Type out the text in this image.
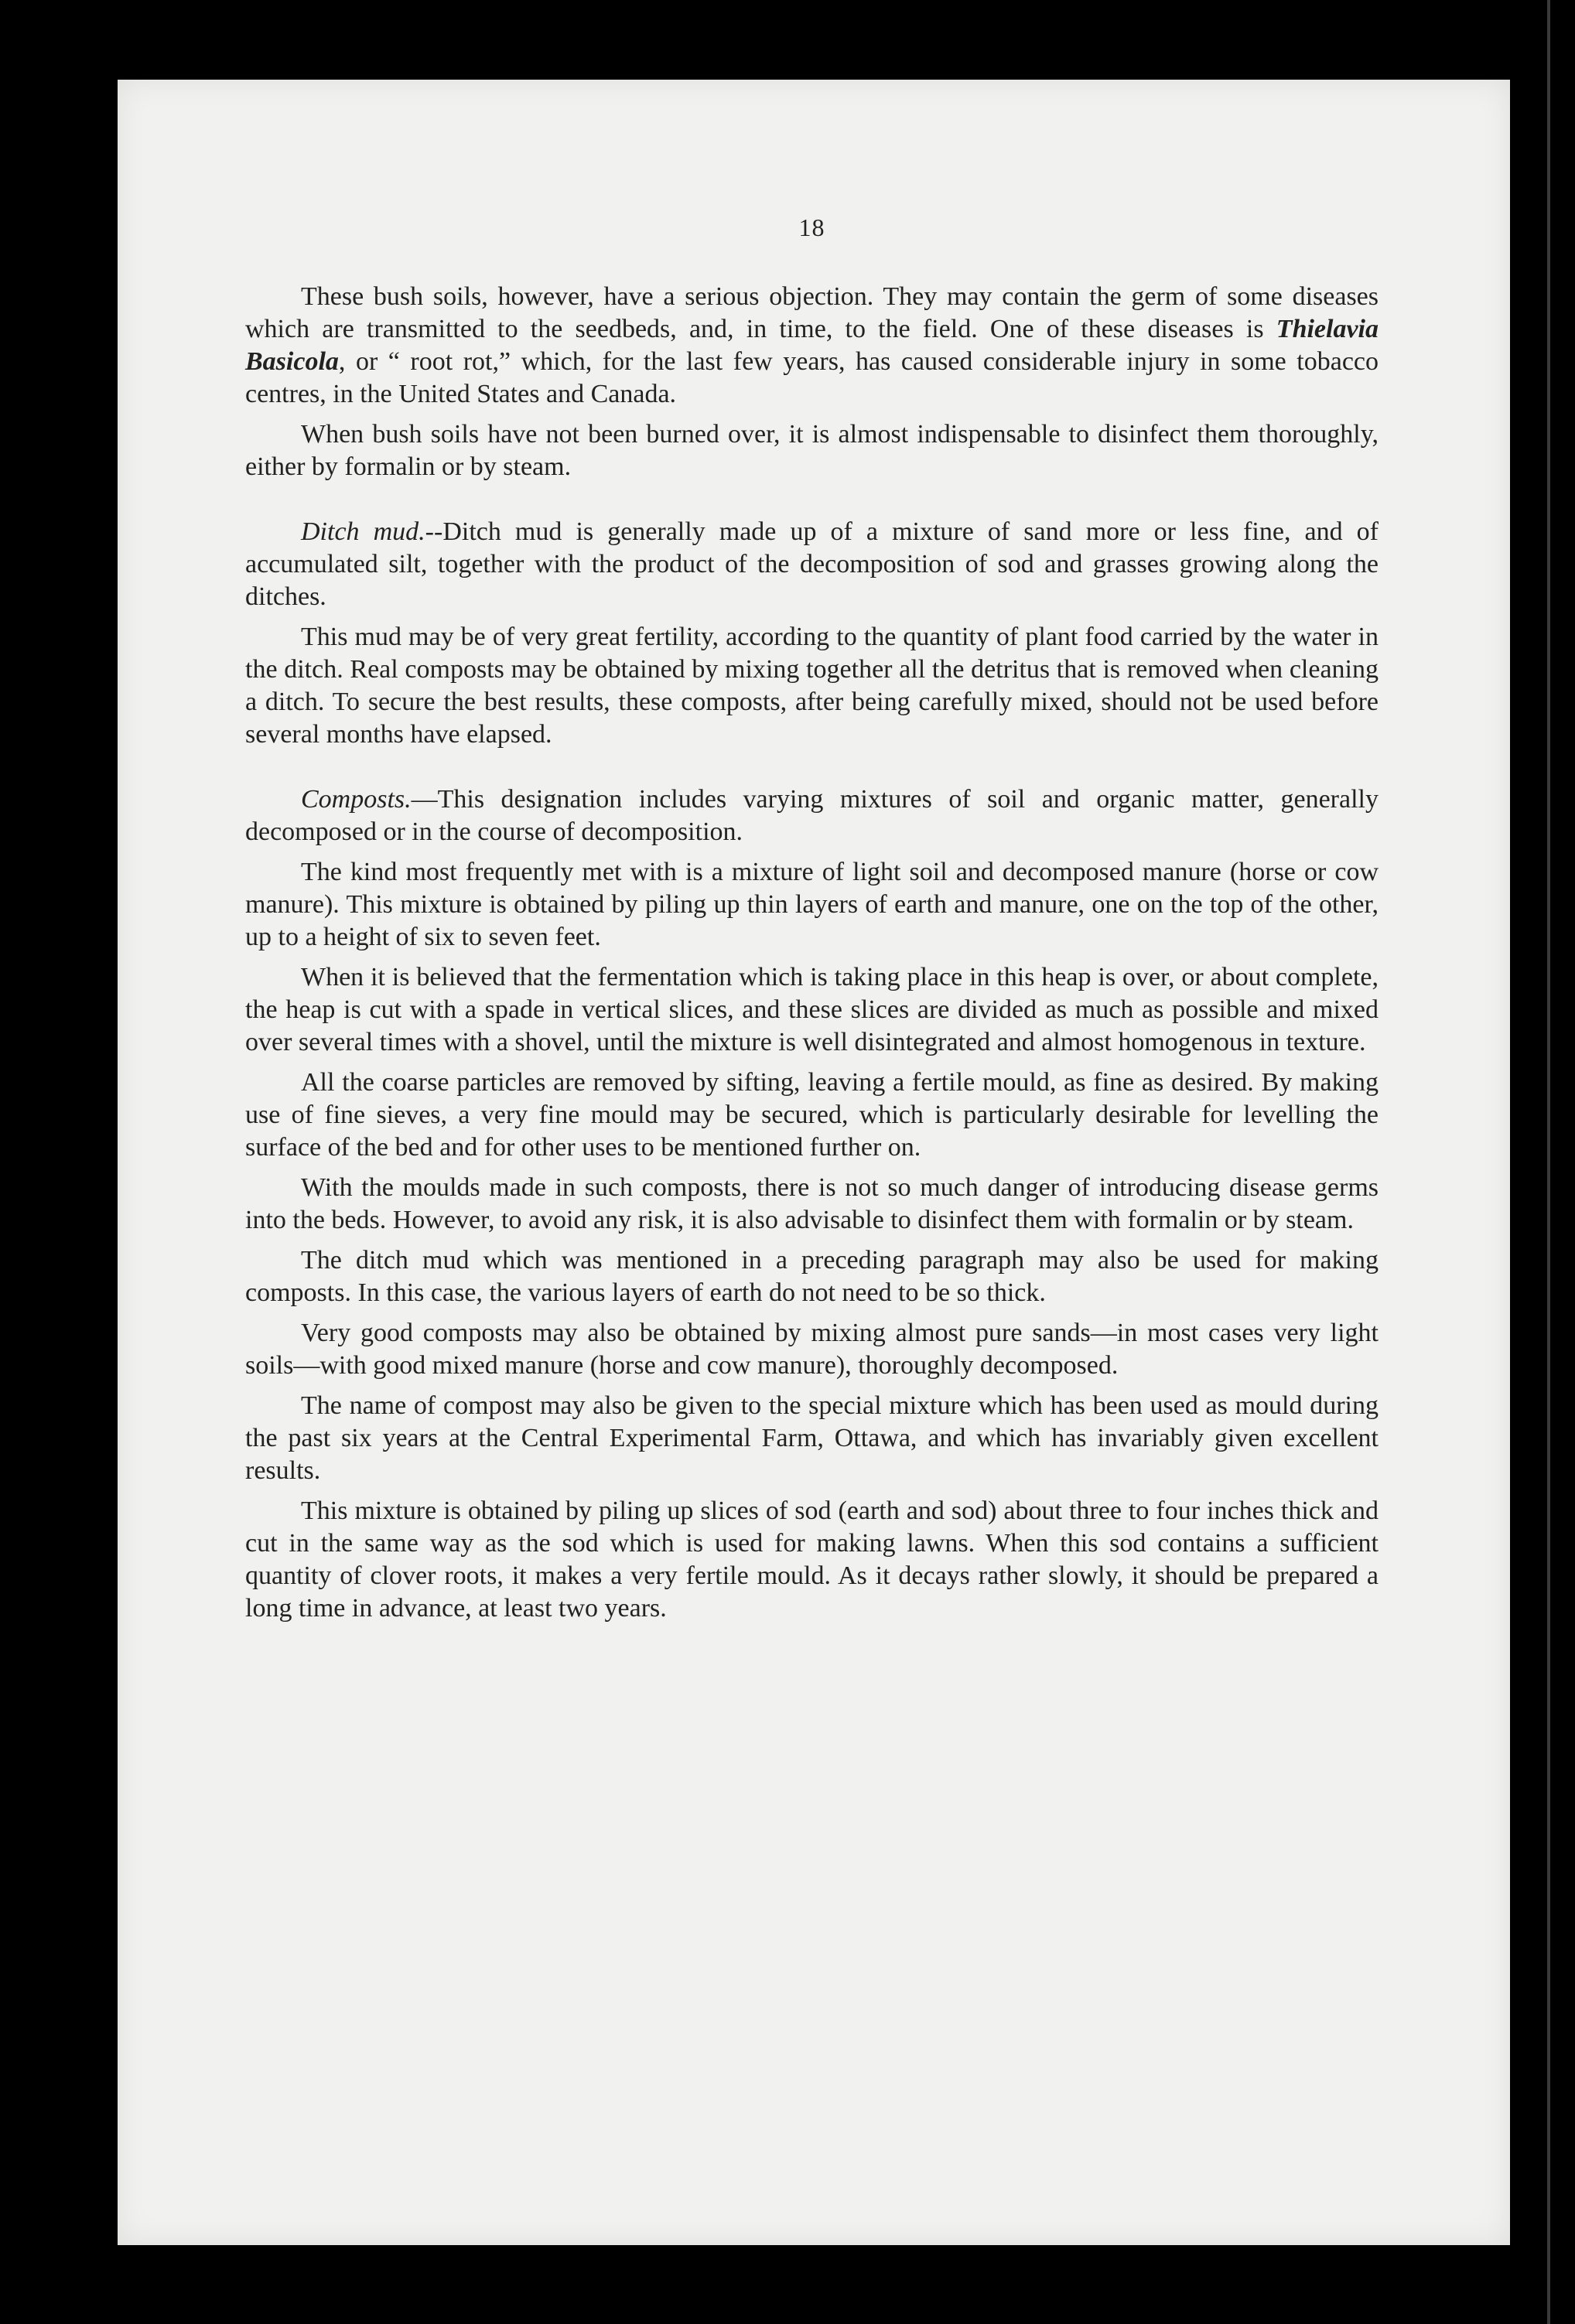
18

These bush soils, however, have a serious objection. They may contain the germ of some diseases which are transmitted to the seedbeds, and, in time, to the field. One of these diseases is Thielavia Basicola, or “ root rot,” which, for the last few years, has caused considerable injury in some tobacco centres, in the United States and Canada.

When bush soils have not been burned over, it is almost indispensable to disinfect them thoroughly, either by formalin or by steam.

Ditch mud.--Ditch mud is generally made up of a mixture of sand more or less fine, and of accumulated silt, together with the product of the decomposition of sod and grasses growing along the ditches.

This mud may be of very great fertility, according to the quantity of plant food carried by the water in the ditch. Real composts may be obtained by mixing together all the detritus that is removed when cleaning a ditch. To secure the best results, these composts, after being carefully mixed, should not be used before several months have elapsed.

Composts.—This designation includes varying mixtures of soil and organic matter, generally decomposed or in the course of decomposition.

The kind most frequently met with is a mixture of light soil and decomposed manure (horse or cow manure). This mixture is obtained by piling up thin layers of earth and manure, one on the top of the other, up to a height of six to seven feet.

When it is believed that the fermentation which is taking place in this heap is over, or about complete, the heap is cut with a spade in vertical slices, and these slices are divided as much as possible and mixed over several times with a shovel, until the mixture is well disintegrated and almost homogenous in texture.

All the coarse particles are removed by sifting, leaving a fertile mould, as fine as desired. By making use of fine sieves, a very fine mould may be secured, which is particularly desirable for levelling the surface of the bed and for other uses to be mentioned further on.

With the moulds made in such composts, there is not so much danger of introducing disease germs into the beds. However, to avoid any risk, it is also advisable to disinfect them with formalin or by steam.

The ditch mud which was mentioned in a preceding paragraph may also be used for making composts. In this case, the various layers of earth do not need to be so thick.

Very good composts may also be obtained by mixing almost pure sands—in most cases very light soils—with good mixed manure (horse and cow manure), thoroughly decomposed.

The name of compost may also be given to the special mixture which has been used as mould during the past six years at the Central Experimental Farm, Ottawa, and which has invariably given excellent results.

This mixture is obtained by piling up slices of sod (earth and sod) about three to four inches thick and cut in the same way as the sod which is used for making lawns. When this sod contains a sufficient quantity of clover roots, it makes a very fertile mould. As it decays rather slowly, it should be prepared a long time in advance, at least two years.
